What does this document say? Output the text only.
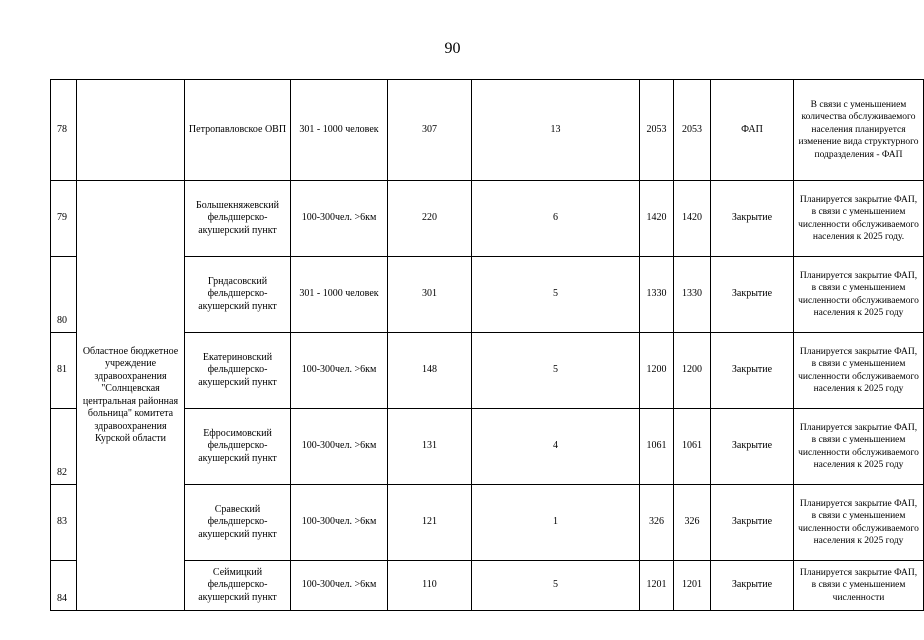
90
78		Петропавловское ОВП	301 - 1000 человек	307	13	2053	2053	ФАП	В связи с уменьшением количества обслуживаемого населения планируется изменение вида структурного подразделения - ФАП
79	Областное бюджетное учреждение здравоохранения "Солнцевская центральная районная больница" комитета здравоохранения Курской области	Большекняжевский фельдшерско-акушерский пункт	100-300чел. >6км	220	6	1420	1420	Закрытие	Планируется закрытие ФАП, в связи с уменьшением численности обслуживаемого населения к 2025 году.
80		Грндасовский фельдшерско-акушерский пункт	301 - 1000 человек	301	5	1330	1330	Закрытие	Планируется закрытие ФАП, в связи с уменьшением численности обслуживаемого населения к 2025 году
81		Екатериновский фельдшерско-акушерский пункт	100-300чел. >6км	148	5	1200	1200	Закрытие	Планируется закрытие ФАП, в связи с уменьшением численности обслуживаемого населения к 2025 году
82		Ефросимовский фельдшерско-акушерский пункт	100-300чел. >6км	131	4	1061	1061	Закрытие	Планируется закрытие ФАП, в связи с уменьшением численности обслуживаемого населения к 2025 году
83		Сравеский фельдшерско-акушерский пункт	100-300чел. >6км	121	1	326	326	Закрытие	Планируется закрытие ФАП, в связи с уменьшением численности обслуживаемого населения к 2025 году
84		Сеймицкий фельдшерско-акушерский пункт	100-300чел. >6км	110	5	1201	1201	Закрытие	Планируется закрытие ФАП, в связи с уменьшением численности
